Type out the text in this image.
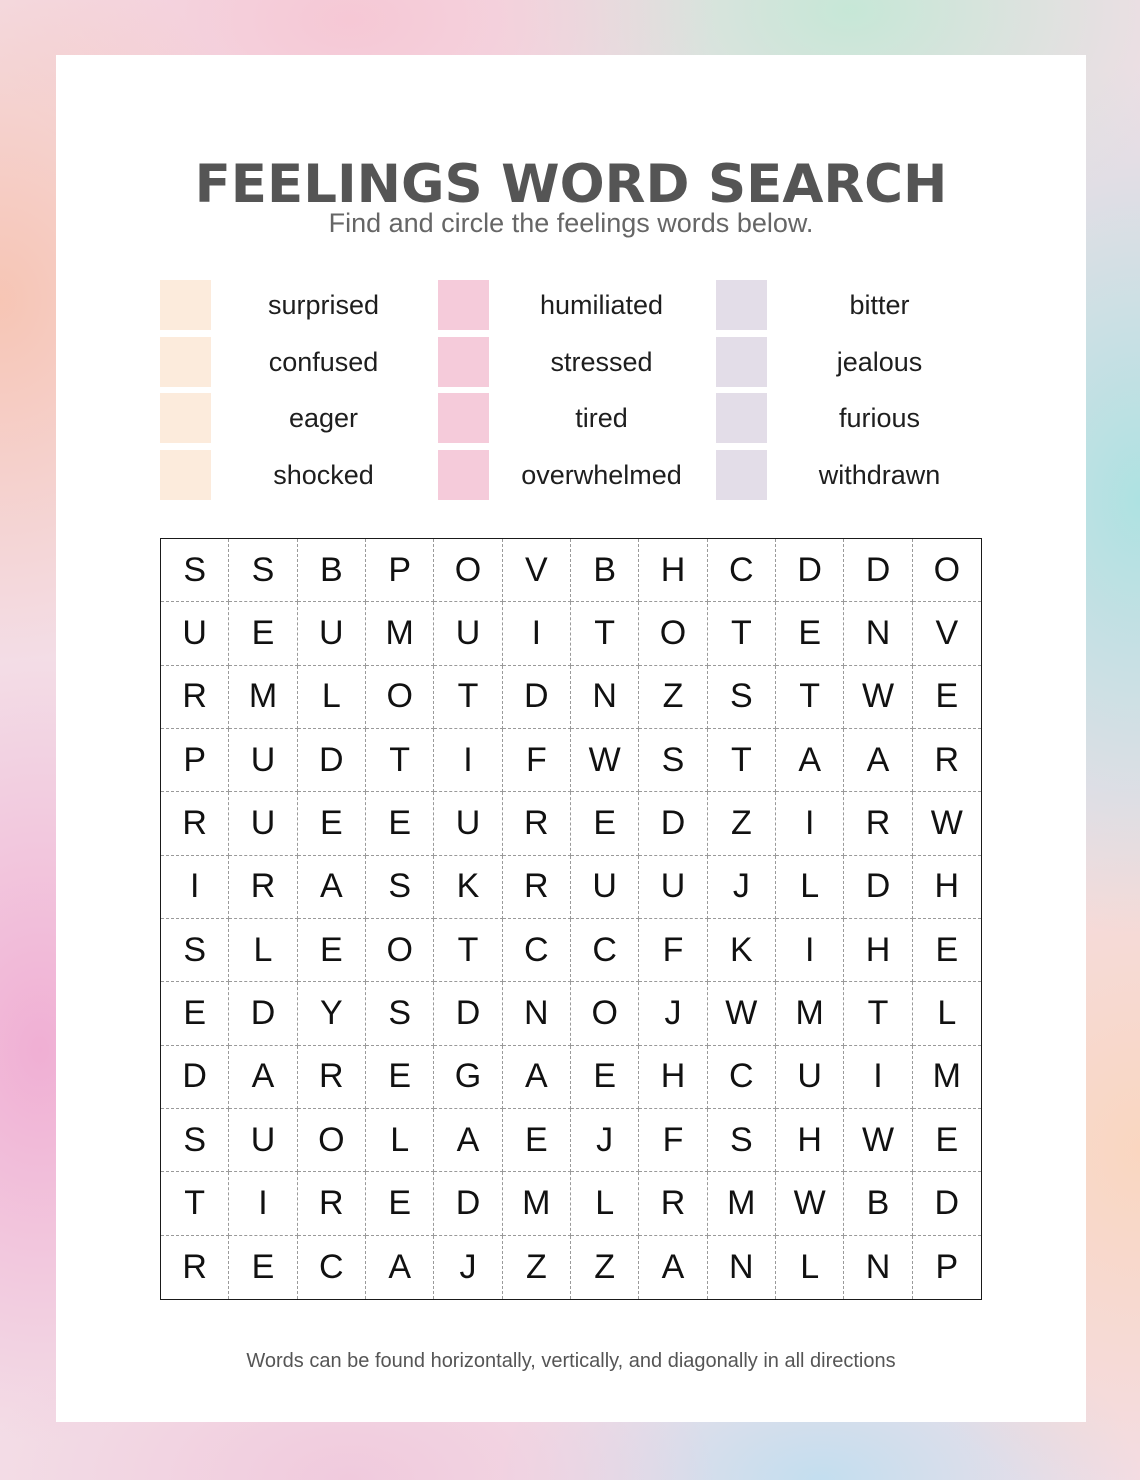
FEELINGS WORD SEARCH
Find and circle the feelings words below.
surprised
confused
eager
shocked
humiliated
stressed
tired
overwhelmed
bitter
jealous
furious
withdrawn
S	S	B	P	O	V	B	H	C	D	D	O
U	E	U	M	U	I	T	O	T	E	N	V
R	M	L	O	T	D	N	Z	S	T	W	E
P	U	D	T	I	F	W	S	T	A	A	R
R	U	E	E	U	R	E	D	Z	I	R	W
I	R	A	S	K	R	U	U	J	L	D	H
S	L	E	O	T	C	C	F	K	I	H	E
E	D	Y	S	D	N	O	J	W	M	T	L
D	A	R	E	G	A	E	H	C	U	I	M
S	U	O	L	A	E	J	F	S	H	W	E
T	I	R	E	D	M	L	R	M	W	B	D
R	E	C	A	J	Z	Z	A	N	L	N	P
Words can be found horizontally, vertically, and diagonally in all directions
